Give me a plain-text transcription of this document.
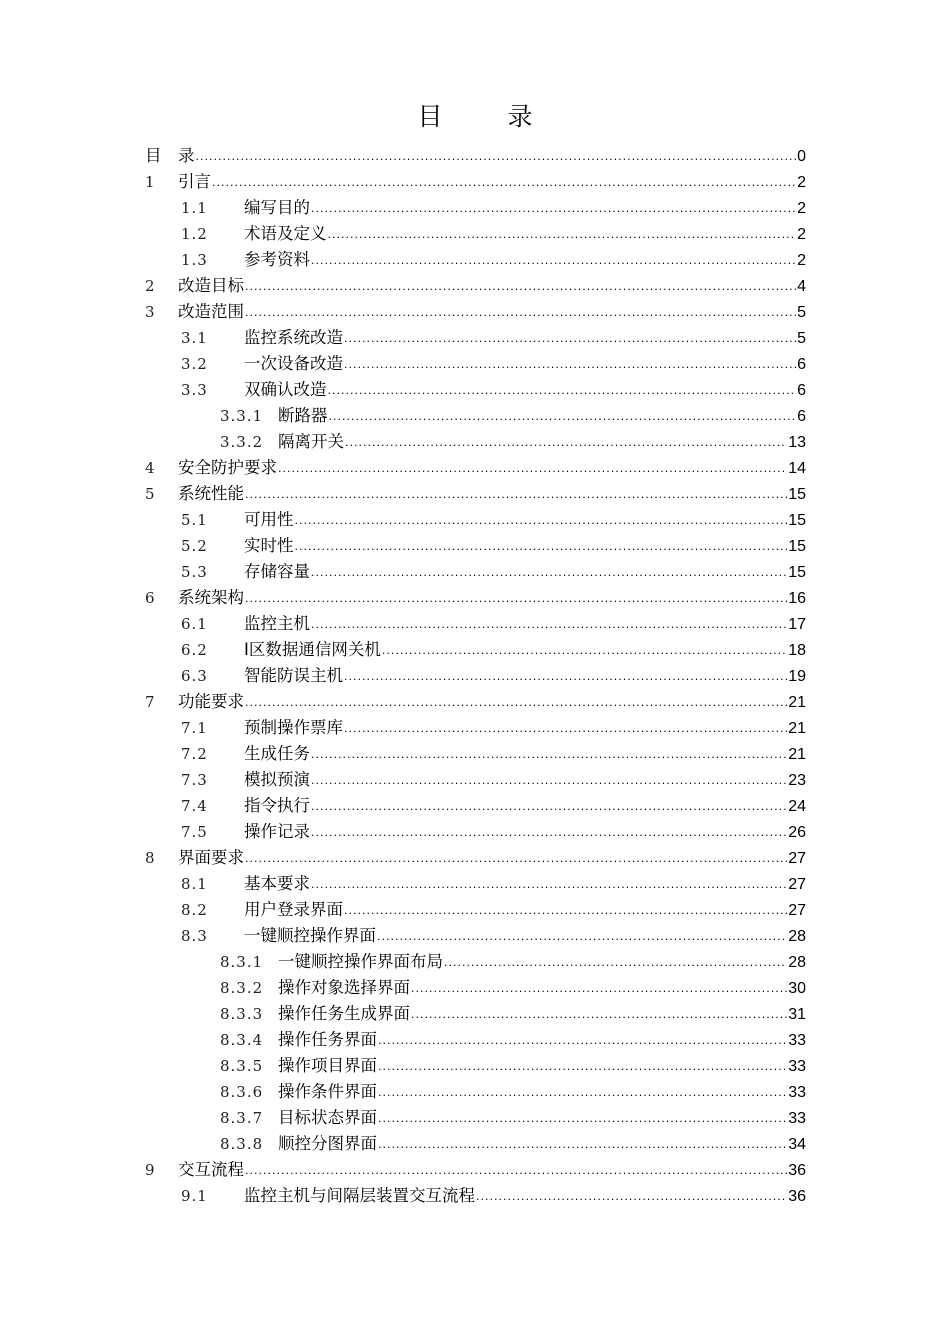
目　录
目　录 .....	0
1 引言 .....	2
1.1 编写目的 .....	2
1.2 术语及定义 .....	2
1.3 参考资料 .....	2
2 改造目标 .....	4
3 改造范围 .....	5
3.1 监控系统改造 .....	5
3.2 一次设备改造 .....	6
3.3 双确认改造 .....	6
3.3.1 断路器 .....	6
3.3.2 隔离开关 .....	13
4 安全防护要求 .....	14
5 系统性能 .....	15
5.1 可用性 .....	15
5.2 实时性 .....	15
5.3 存储容量 .....	15
6 系统架构 .....	16
6.1 监控主机 .....	17
6.2 Ⅰ区数据通信网关机 .....	18
6.3 智能防误主机 .....	19
7 功能要求 .....	21
7.1 预制操作票库 .....	21
7.2 生成任务 .....	21
7.3 模拟预演 .....	23
7.4 指令执行 .....	24
7.5 操作记录 .....	26
8 界面要求 .....	27
8.1 基本要求 .....	27
8.2 用户登录界面 .....	27
8.3 一键顺控操作界面 .....	28
8.3.1 一键顺控操作界面布局 .....	28
8.3.2 操作对象选择界面 .....	30
8.3.3 操作任务生成界面 .....	31
8.3.4 操作任务界面 .....	33
8.3.5 操作项目界面 .....	33
8.3.6 操作条件界面 .....	33
8.3.7 目标状态界面 .....	33
8.3.8 顺控分图界面 .....	34
9 交互流程 .....	36
9.1 监控主机与间隔层装置交互流程 .....	36
